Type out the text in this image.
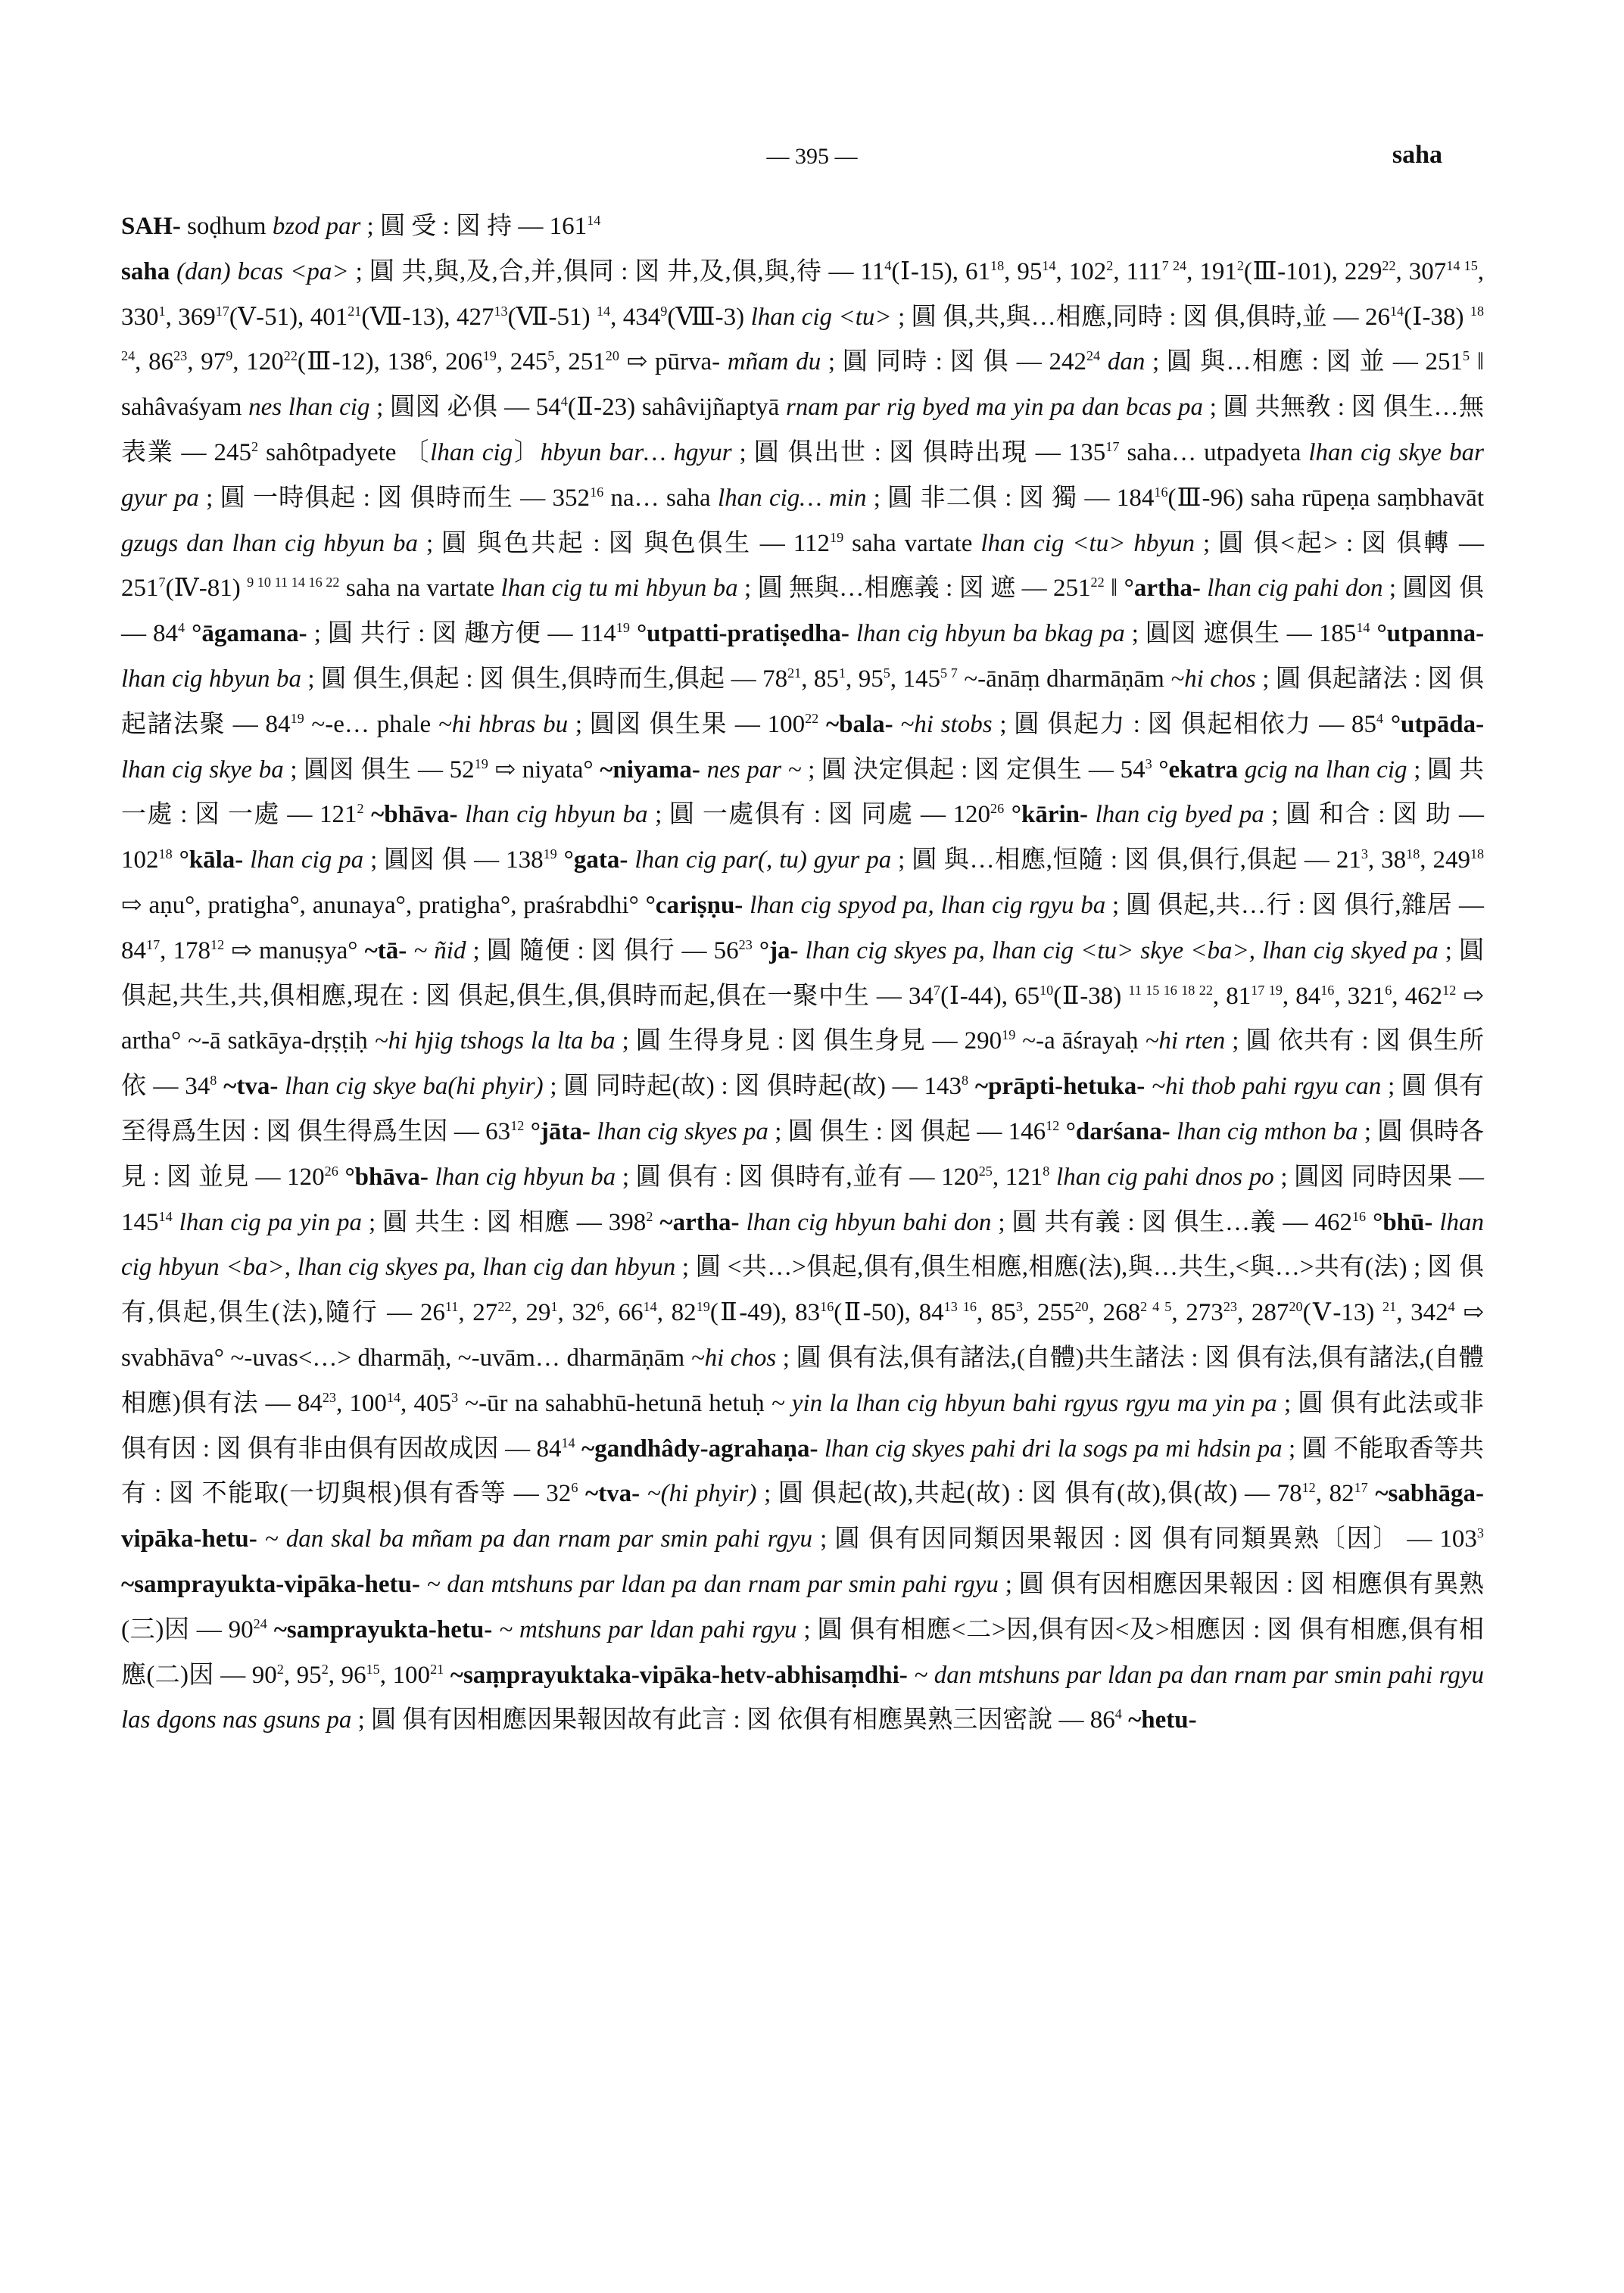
— 395 —	saha

SAH- soḍhum bzod par ; 圓 受 : 図 持 — $161^{14}$

saha (dan) bcas <pa> ; 圓 共,與,及,合,并,俱同 : 図 井,及,俱,與,待 — $11^4(Ⅰ-15)$, $61^{18}$, $95^{14}$, $102^2$, $111^{7 24}$, $191^2(Ⅲ-101)$, $229^{22}$, $307^{14 15}$, $330^1$, $369^{17}(Ⅴ-51)$, $401^{21}(Ⅶ-13)$, $427^{13}(Ⅶ-51)$ $^{14}$, $434^9(Ⅷ-3)$ lhan cig <tu> ; 圓 俱,共,與…相應,同時 : 図 俱,俱時,並 — $26^{14}(Ⅰ-38)$ $^{18 24}$, $86^{23}$, $97^9$, $120^{22}(Ⅲ-12)$, $138^6$, $206^{19}$, $245^5$, $251^{20}$ ⇨ pūrva- mñam du ; 圓 同時 : 図 俱 — $242^{24}$ dan ; 圓 與…相應 : 図 並 — $251^5$ ‖ sahâvaśyam nes lhan cig ; 圓図 必俱 — $54^4(Ⅱ-23)$ sahâvijñaptyā rnam par rig byed ma yin pa dan bcas pa ; 圓 共無敎 : 図 俱生…無表業 — $245^2$ sahôtpadyete 〔lhan cig〕hbyun bar… hgyur ; 圓 俱出世 : 図 俱時出現 — $135^{17}$ saha… utpadyeta lhan cig skye bar gyur pa ; 圓 一時俱起 : 図 俱時而生 — $352^{16}$ na… saha lhan cig… min ; 圓 非二俱 : 図 獨 — $184^{16}(Ⅲ-96)$ saha rūpeṇa saṃbhavāt gzugs dan lhan cig hbyun ba ; 圓 與色共起 : 図 與色俱生 — $112^{19}$ saha vartate lhan cig <tu> hbyun ; 圓 俱<起> : 図 俱轉 — $251^7(Ⅳ-81)$ $^{9 10 11 14 16 22}$ saha na vartate lhan cig tu mi hbyun ba ; 圓 無與…相應義 : 図 遮 — $251^{22}$ ‖ °artha- lhan cig pahi don ; 圓図 俱 — $84^4$ °āgamana- ; 圓 共行 : 図 趣方便 — $114^{19}$ °utpatti-pratiṣedha- lhan cig hbyun ba bkag pa ; 圓図 遮俱生 — $185^{14}$ °utpanna- lhan cig hbyun ba ; 圓 俱生,俱起 : 図 俱生,俱時而生,俱起 — $78^{21}$, $85^1$, $95^5$, $145^{5 7}$ ~-ānāṃ dharmāṇām ~hi chos ; 圓 俱起諸法 : 図 俱起諸法聚 — $84^{19}$ ~-e… phale ~hi hbras bu ; 圓図 俱生果 — $100^{22}$ ~bala- ~hi stobs ; 圓 俱起力 : 図 俱起相依力 — $85^4$ °utpāda- lhan cig skye ba ; 圓図 俱生 — $52^{19}$ ⇨ niyata° ~niyama- nes par ~ ; 圓 決定俱起 : 図 定俱生 — $54^3$ °ekatra gcig na lhan cig ; 圓 共一處 : 図 一處 — $121^2$ ~bhāva- lhan cig hbyun ba ; 圓 一處俱有 : 図 同處 — $120^{26}$ °kārin- lhan cig byed pa ; 圓 和合 : 図 助 — $102^{18}$ °kāla- lhan cig pa ; 圓図 俱 — $138^{19}$ °gata- lhan cig par(, tu) gyur pa ; 圓 與…相應,恒隨 : 図 俱,俱行,俱起 — $21^3$, $38^{18}$, $249^{18}$ ⇨ aṇu°, pratigha°, anunaya°, pratigha°, praśrabdhi° °cariṣṇu- lhan cig spyod pa, lhan cig rgyu ba ; 圓 俱起,共…行 : 図 俱行,雜居 — $84^{17}$, $178^{12}$ ⇨ manuṣya° ~tā- ~ ñid ; 圓 隨便 : 図 俱行 — $56^{23}$ °ja- lhan cig skyes pa, lhan cig <tu> skye <ba>, lhan cig skyed pa ; 圓 俱起,共生,共,俱相應,現在 : 図 俱起,俱生,俱,俱時而起,俱在一聚中生 — $34^7(Ⅰ-44)$, $65^{10}(Ⅱ-38)$ $^{11 15 16 18 22}$, $81^{17 19}$, $84^{16}$, $321^6$, $462^{12}$ ⇨ artha° ~-ā satkāya-dṛṣṭiḥ ~hi hjig tshogs la lta ba ; 圓 生得身見 : 図 俱生身見 — $290^{19}$ ~-a āśrayaḥ ~hi rten ; 圓 依共有 : 図 俱生所依 — $34^8$ ~tva- lhan cig skye ba(hi phyir) ; 圓 同時起(故) : 図 俱時起(故) — $143^8$ ~prāpti-hetuka- ~hi thob pahi rgyu can ; 圓 俱有至得爲生因 : 図 俱生得爲生因 — $63^{12}$ °jāta- lhan cig skyes pa ; 圓 俱生 : 図 俱起 — $146^{12}$ °darśana- lhan cig mthon ba ; 圓 俱時各見 : 図 並見 — $120^{26}$ °bhāva- lhan cig hbyun ba ; 圓 俱有 : 図 俱時有,並有 — $120^{25}$, $121^8$ lhan cig pahi dnos po ; 圓図 同時因果 — $145^{14}$ lhan cig pa yin pa ; 圓 共生 : 図 相應 — $398^2$ ~artha- lhan cig hbyun bahi don ; 圓 共有義 : 図 俱生…義 — $462^{16}$ °bhū- lhan cig hbyun <ba>, lhan cig skyes pa, lhan cig dan hbyun ; 圓 <共…>俱起,俱有,俱生相應,相應(法),與…共生,<與…>共有(法) ; 図 俱有,俱起,俱生(法),隨行 — $26^{11}$, $27^{22}$, $29^1$, $32^6$, $66^{14}$, $82^{19}(Ⅱ-49)$, $83^{16}(Ⅱ-50)$, $84^{13 16}$, $85^3$, $255^{20}$, $268^{2 4 5}$, $273^{23}$, $287^{20}(Ⅴ-13)$ $^{21}$, $342^4$ ⇨ svabhāva° ~-uvas<…> dharmāḥ, ~-uvām… dharmāṇām ~hi chos ; 圓 俱有法,俱有諸法,(自體)共生諸法 : 図 俱有法,俱有諸法,(自體相應)俱有法 — $84^{23}$, $100^{14}$, $405^3$ ~-ūr na sahabhū-hetunā hetuḥ ~ yin la lhan cig hbyun bahi rgyus rgyu ma yin pa ; 圓 俱有此法或非俱有因 : 図 俱有非由俱有因故成因 — $84^{14}$ ~gandhâdy-agrahaṇa- lhan cig skyes pahi dri la sogs pa mi hdsin pa ; 圓 不能取香等共有 : 図 不能取(一切與根)俱有香等 — $32^6$ ~tva- ~(hi phyir) ; 圓 俱起(故),共起(故) : 図 俱有(故),俱(故) — $78^{12}$, $82^{17}$ ~sabhāga-vipāka-hetu- ~ dan skal ba mñam pa dan rnam par smin pahi rgyu ; 圓 俱有因同類因果報因 : 図 俱有同類異熟〔因〕 — $103^3$ ~samprayukta-vipāka-hetu- ~ dan mtshuns par ldan pa dan rnam par smin pahi rgyu ; 圓 俱有因相應因果報因 : 図 相應俱有異熟(三)因 — $90^{24}$ ~samprayukta-hetu- ~ mtshuns par ldan pahi rgyu ; 圓 俱有相應<二>因,俱有因<及>相應因 : 図 俱有相應,俱有相應(二)因 — $90^2$, $95^2$, $96^{15}$, $100^{21}$ ~saṃprayuktaka-vipāka-hetv-abhisaṃdhi- ~ dan mtshuns par ldan pa dan rnam par smin pahi rgyu las dgons nas gsuns pa ; 圓 俱有因相應因果報因故有此言 : 図 依俱有相應異熟三因密說 — $86^4$ ~hetu-
